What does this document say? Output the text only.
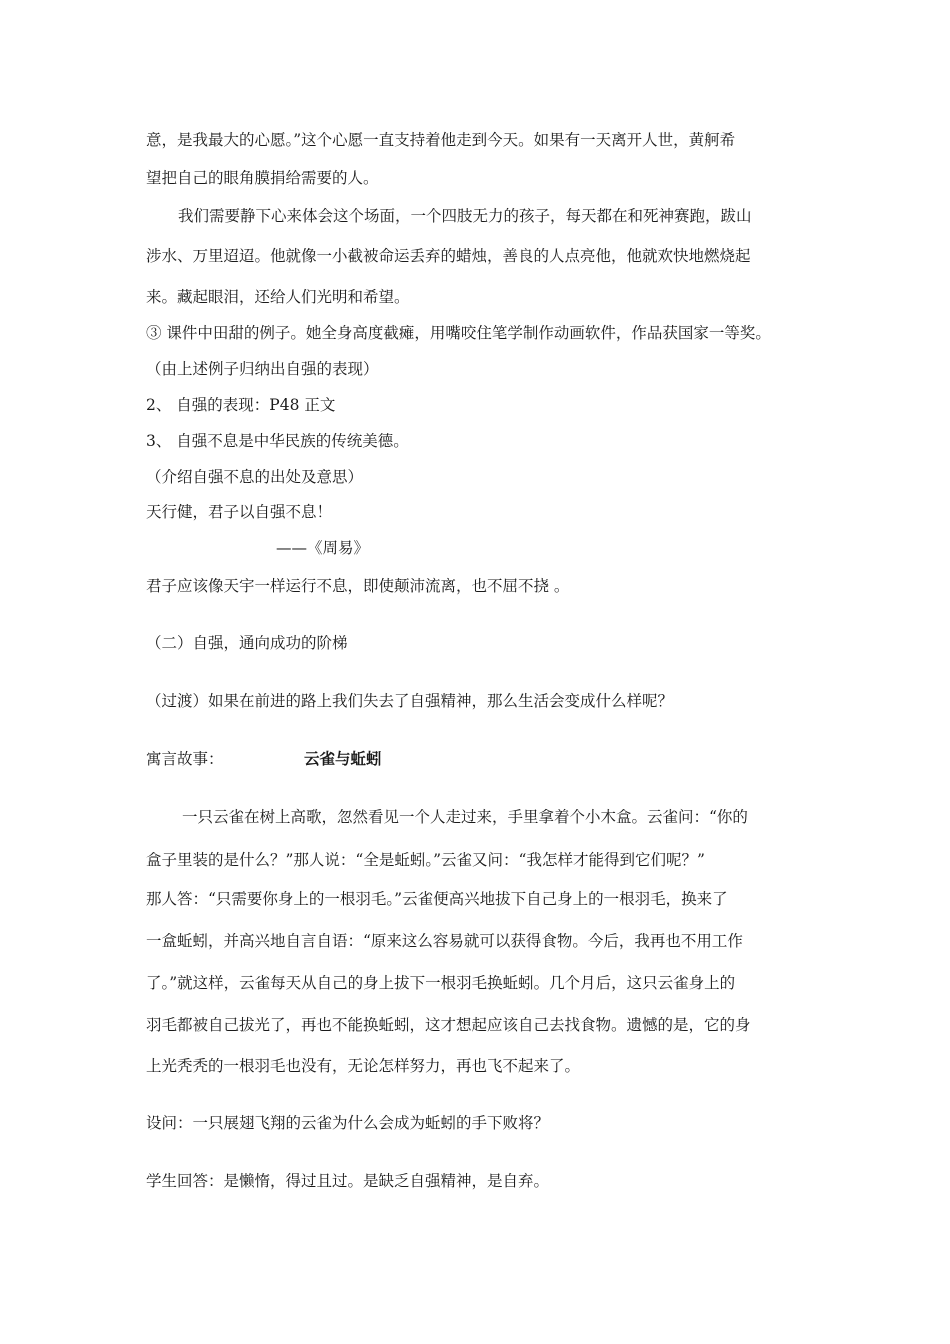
意，是我最大的心愿。”这个心愿一直支持着他走到今天。如果有一天离开人世，黄舸希
望把自己的眼角膜捐给需要的人。
我们需要静下心来体会这个场面，一个四肢无力的孩子，每天都在和死神赛跑，跋山
涉水、万里迢迢。他就像一小截被命运丢弃的蜡烛，善良的人点亮他，他就欢快地燃烧起
来。藏起眼泪，还给人们光明和希望。
③ 课件中田甜的例子。她全身高度截瘫，用嘴咬住笔学制作动画软件，作品获国家一等奖。
（由上述例子归纳出自强的表现）
2、 自强的表现：P48 正文
3、 自强不息是中华民族的传统美德。
（介绍自强不息的出处及意思）
天行健，君子以自强不息！
——《周易》
君子应该像天宇一样运行不息，即使颠沛流离，也不屈不挠 。
（二）自强，通向成功的阶梯
（过渡）如果在前进的路上我们失去了自强精神，那么生活会变成什么样呢？
寓言故事：	云雀与蚯蚓
一只云雀在树上高歌，忽然看见一个人走过来，手里拿着个小木盒。云雀问：“你的
盒子里装的是什么？”那人说：“全是蚯蚓。”云雀又问：“我怎样才能得到它们呢？”
那人答：“只需要你身上的一根羽毛。”云雀便高兴地拔下自己身上的一根羽毛，换来了
一盒蚯蚓，并高兴地自言自语：“原来这么容易就可以获得食物。今后，我再也不用工作
了。”就这样，云雀每天从自己的身上拔下一根羽毛换蚯蚓。几个月后，这只云雀身上的
羽毛都被自己拔光了，再也不能换蚯蚓，这才想起应该自己去找食物。遗憾的是，它的身
上光秃秃的一根羽毛也没有，无论怎样努力，再也飞不起来了。
设问：一只展翅飞翔的云雀为什么会成为蚯蚓的手下败将？
学生回答：是懒惰，得过且过。是缺乏自强精神，是自弃。
